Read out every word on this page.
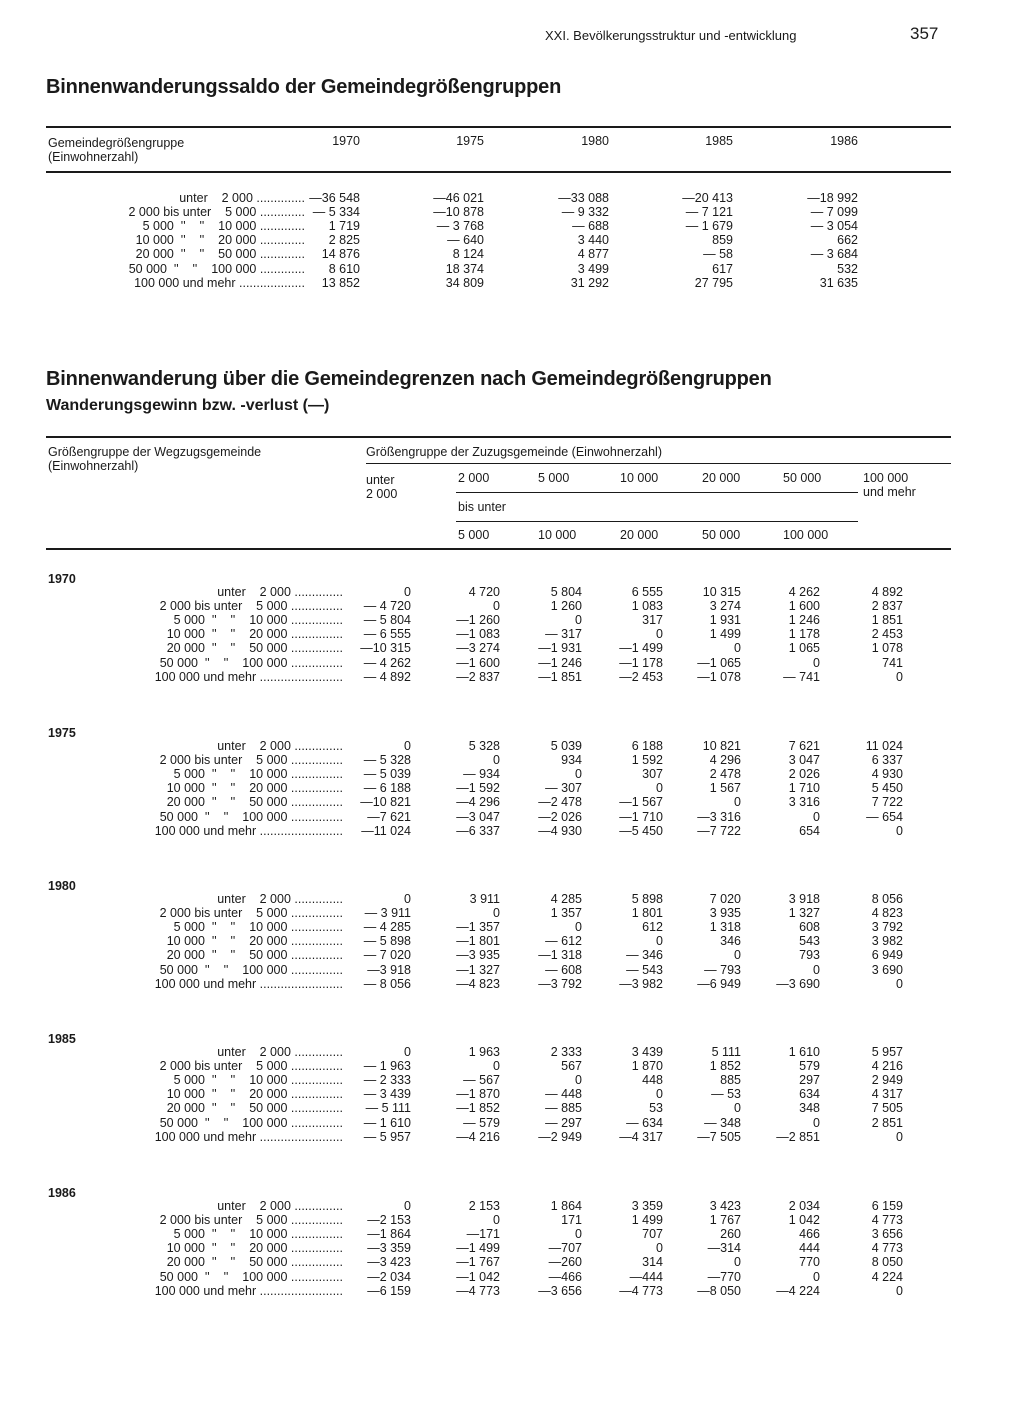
XXI. Bevölkerungsstruktur und -entwicklung	357
Binnenwanderungssaldo der Gemeindegrößengruppen
Gemeindegrößengruppe
(Einwohnerzahl)
1970	1975	1980	1985	1986
unter    2 000 .............. —36 548	—46 021	—33 088	—20 413	—18 992
2 000 bis unter    5 000 ............. — 5 334	—10 878	— 9 332	— 7 121	— 7 099
5 000  ''    ''    10 000 .............	1 719	— 3 768	— 688	— 1 679	— 3 054
10 000  ''    ''    20 000 .............	2 825	— 640	3 440	859	662
20 000  ''    ''    50 000 .............	14 876	8 124	4 877	— 58	— 3 684
50 000  ''    ''    100 000 .............	8 610	18 374	3 499	617	532
100 000 und mehr ...................	13 852	34 809	31 292	27 795	31 635
Binnenwanderung über die Gemeindegrenzen nach Gemeindegrößengruppen
Wanderungsgewinn bzw. -verlust (—)
Größengruppe der Wegzugsgemeinde
(Einwohnerzahl)
Größengruppe der Zuzugsgemeinde (Einwohnerzahl)
unter
2 000
2 000	5 000	10 000	20 000	50 000	100 000
und mehr
bis unter
5 000	10 000	20 000	50 000	100 000
1970
unter    2 000 ..............	0	4 720	5 804	6 555	10 315	4 262	4 892
2 000 bis unter    5 000 ...............	— 4 720	0	1 260	1 083	3 274	1 600	2 837
5 000  ''    ''    10 000 ...............	— 5 804	—1 260	0	317	1 931	1 246	1 851
10 000  ''    ''    20 000 ...............	— 6 555	—1 083	— 317	0	1 499	1 178	2 453
20 000  ''    ''    50 000 ...............	—10 315	—3 274	—1 931	—1 499	0	1 065	1 078
50 000  ''    ''    100 000 ...............	— 4 262	—1 600	—1 246	—1 178	—1 065	0	741
100 000 und mehr ........................	— 4 892	—2 837	—1 851	—2 453	—1 078	— 741	0
1975
unter    2 000 ..............	0	5 328	5 039	6 188	10 821	7 621	11 024
2 000 bis unter    5 000 ...............	— 5 328	0	934	1 592	4 296	3 047	6 337
5 000  ''    ''    10 000 ...............	— 5 039	— 934	0	307	2 478	2 026	4 930
10 000  ''    ''    20 000 ...............	— 6 188	—1 592	— 307	0	1 567	1 710	5 450
20 000  ''    ''    50 000 ...............	—10 821	—4 296	—2 478	—1 567	0	3 316	7 722
50 000  ''    ''    100 000 ...............	—7 621	—3 047	—2 026	—1 710	—3 316	0	— 654
100 000 und mehr ........................	—11 024	—6 337	—4 930	—5 450	—7 722	654	0
1980
unter    2 000 ..............	0	3 911	4 285	5 898	7 020	3 918	8 056
2 000 bis unter    5 000 ...............	— 3 911	0	1 357	1 801	3 935	1 327	4 823
5 000  ''    ''    10 000 ...............	— 4 285	—1 357	0	612	1 318	608	3 792
10 000  ''    ''    20 000 ...............	— 5 898	—1 801	— 612	0	346	543	3 982
20 000  ''    ''    50 000 ...............	— 7 020	—3 935	—1 318	— 346	0	793	6 949
50 000  ''    ''    100 000 ...............	—3 918	—1 327	— 608	— 543	— 793	0	3 690
100 000 und mehr ........................	— 8 056	—4 823	—3 792	—3 982	—6 949	—3 690	0
1985
unter    2 000 ..............	0	1 963	2 333	3 439	5 111	1 610	5 957
2 000 bis unter    5 000 ...............	— 1 963	0	567	1 870	1 852	579	4 216
5 000  ''    ''    10 000 ...............	— 2 333	— 567	0	448	885	297	2 949
10 000  ''    ''    20 000 ...............	— 3 439	—1 870	— 448	0	— 53	634	4 317
20 000  ''    ''    50 000 ...............	— 5 111	—1 852	— 885	53	0	348	7 505
50 000  ''    ''    100 000 ...............	— 1 610	— 579	— 297	— 634	— 348	0	2 851
100 000 und mehr ........................	— 5 957	—4 216	—2 949	—4 317	—7 505	—2 851	0
1986
unter    2 000 ..............	0	2 153	1 864	3 359	3 423	2 034	6 159
2 000 bis unter    5 000 ...............	—2 153	0	171	1 499	1 767	1 042	4 773
5 000  ''    ''    10 000 ...............	—1 864	—171	0	707	260	466	3 656
10 000  ''    ''    20 000 ...............	—3 359	—1 499	—707	0	—314	444	4 773
20 000  ''    ''    50 000 ...............	—3 423	—1 767	—260	314	0	770	8 050
50 000  ''    ''    100 000 ...............	—2 034	—1 042	—466	—444	—770	0	4 224
100 000 und mehr ........................	—6 159	—4 773	—3 656	—4 773	—8 050	—4 224	0
